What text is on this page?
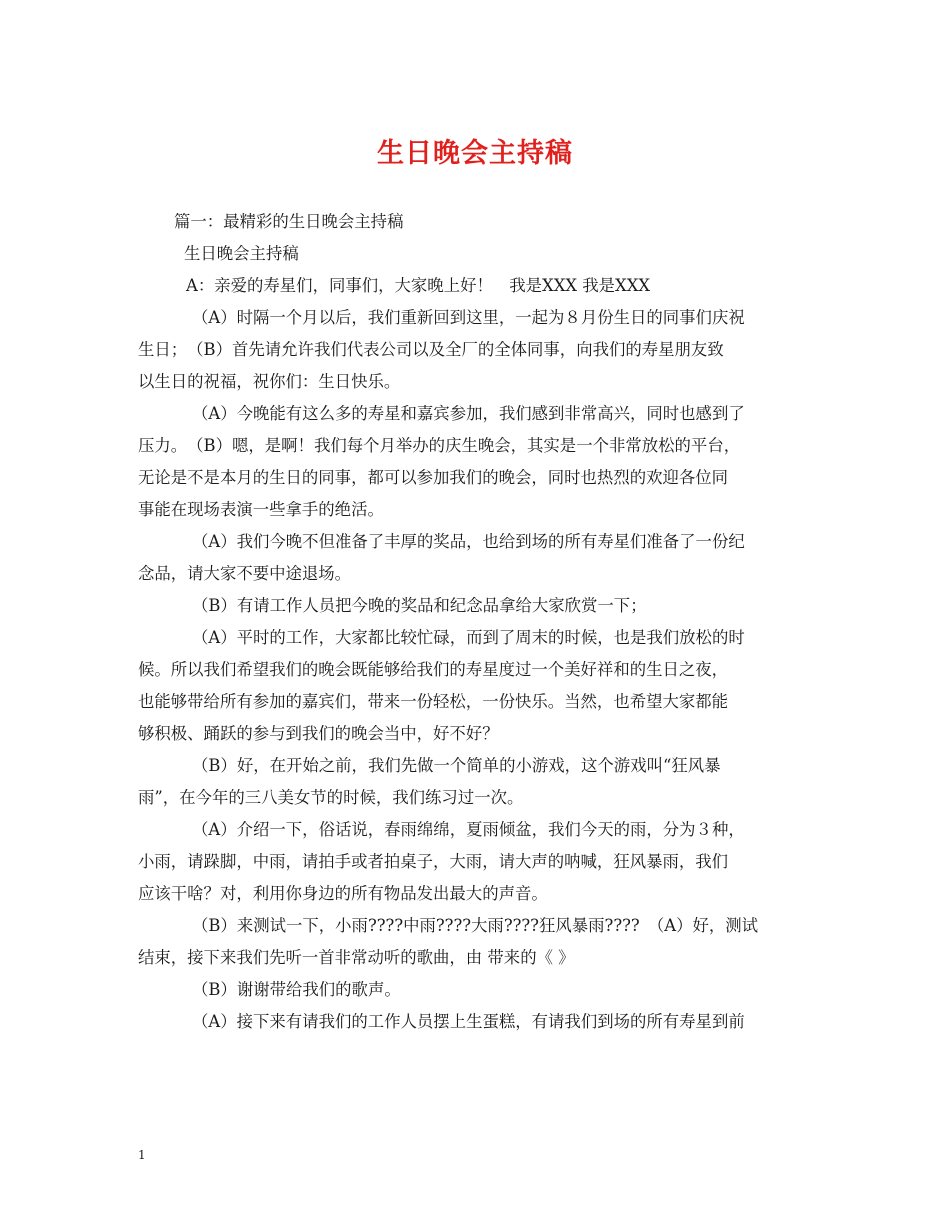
生日晚会主持稿
篇一：最精彩的生日晚会主持稿
生日晚会主持稿
A：亲爱的寿星们，同事们，大家晚上好！　我是XXX 我是XXX
（A）时隔一个月以后，我们重新回到这里，一起为８月份生日的同事们庆祝
生日；　（B）首先请允许我们代表公司以及全厂的全体同事，向我们的寿星朋友致
以生日的祝福，祝你们：生日快乐。
（A）今晚能有这么多的寿星和嘉宾参加，我们感到非常高兴，同时也感到了
压力。　（B）嗯，是啊！我们每个月举办的庆生晚会，其实是一个非常放松的平台，
无论是不是本月的生日的同事，都可以参加我们的晚会，同时也热烈的欢迎各位同
事能在现场表演一些拿手的绝活。
（A）我们今晚不但准备了丰厚的奖品，也给到场的所有寿星们准备了一份纪
念品，请大家不要中途退场。
（B）有请工作人员把今晚的奖品和纪念品拿给大家欣赏一下；
（A）平时的工作，大家都比较忙碌，而到了周末的时候，也是我们放松的时
候。所以我们希望我们的晚会既能够给我们的寿星度过一个美好祥和的生日之夜，
也能够带给所有参加的嘉宾们，带来一份轻松，一份快乐。当然，也希望大家都能
够积极、踊跃的参与到我们的晚会当中，好不好？
（B）好，在开始之前，我们先做一个简单的小游戏，这个游戏叫“狂风暴
雨”，在今年的三八美女节的时候，我们练习过一次。
（A）介绍一下，俗话说，春雨绵绵，夏雨倾盆，我们今天的雨，分为３种，
小雨，请跺脚，中雨，请拍手或者拍桌子，大雨，请大声的呐喊，狂风暴雨，我们
应该干啥？对，利用你身边的所有物品发出最大的声音。
（B）来测试一下，小雨????中雨????大雨????狂风暴雨????　（A）好，测试
结束，接下来我们先听一首非常动听的歌曲，由 带来的《 》
（B）谢谢带给我们的歌声。
（A）接下来有请我们的工作人员摆上生蛋糕，有请我们到场的所有寿星到前
1
